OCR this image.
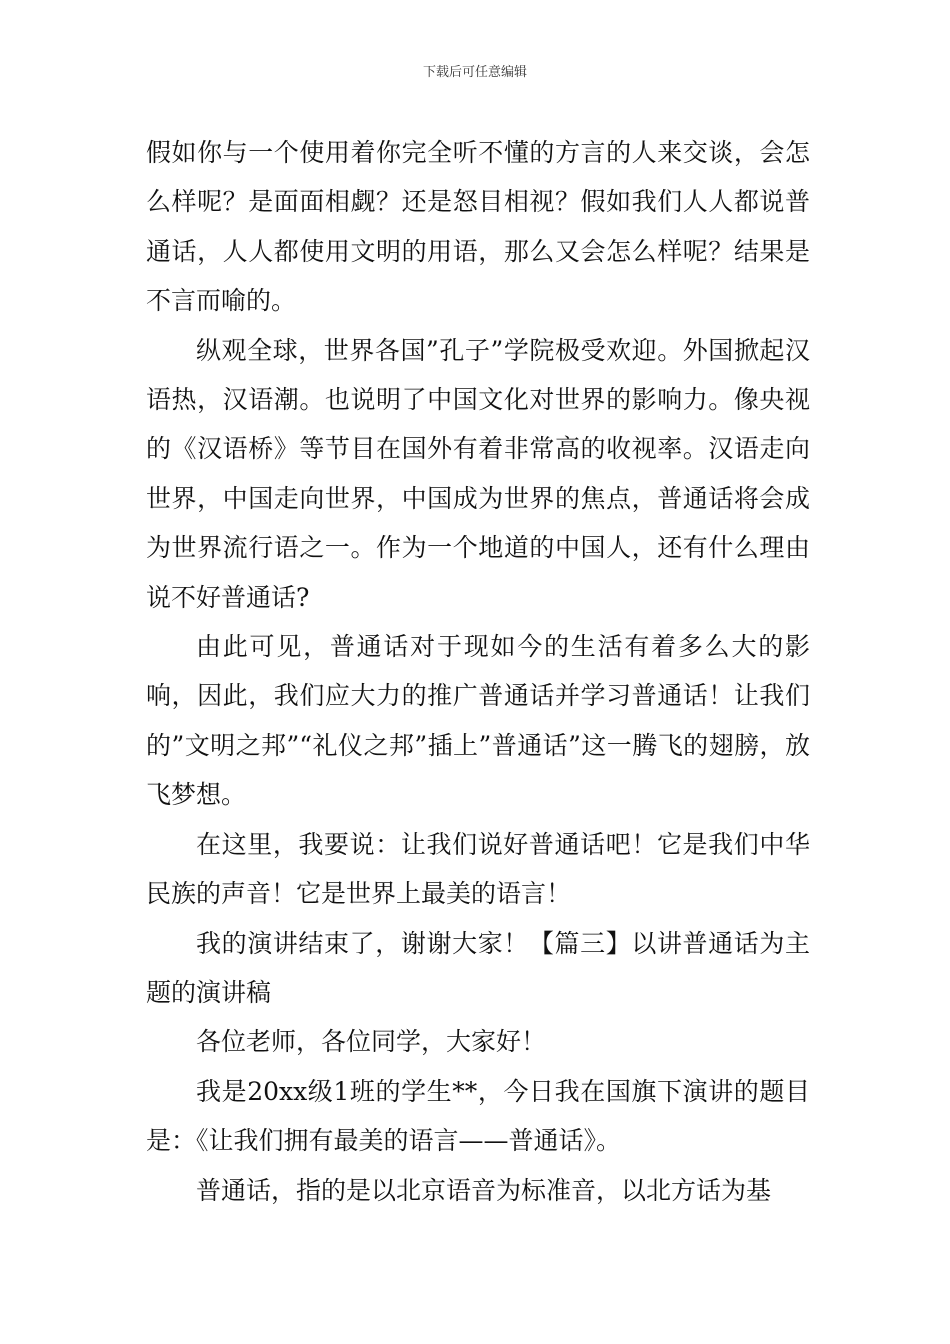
下载后可任意编辑

假如你与一个使用着你完全听不懂的方言的人来交谈，会怎么样呢？是面面相觑？还是怒目相视？假如我们人人都说普通话，人人都使用文明的用语，那么又会怎么样呢？结果是不言而喻的。

纵观全球，世界各国”孔子”学院极受欢迎。外国掀起汉语热，汉语潮。也说明了中国文化对世界的影响力。像央视的《汉语桥》等节目在国外有着非常高的收视率。汉语走向世界，中国走向世界，中国成为世界的焦点，普通话将会成为世界流行语之一。作为一个地道的中国人，还有什么理由说不好普通话?

由此可见，普通话对于现如今的生活有着多么大的影响，因此，我们应大力的推广普通话并学习普通话！让我们的”文明之邦”“礼仪之邦”插上”普通话”这一腾飞的翅膀，放飞梦想。

在这里，我要说：让我们说好普通话吧！它是我们中华民族的声音！它是世界上最美的语言！

我的演讲结束了，谢谢大家！【篇三】以讲普通话为主题的演讲稿

各位老师，各位同学，大家好！

我是20xx级1班的学生**，今日我在国旗下演讲的题目是：《让我们拥有最美的语言——普通话》。

普通话，指的是以北京语音为标准音，以北方话为基
